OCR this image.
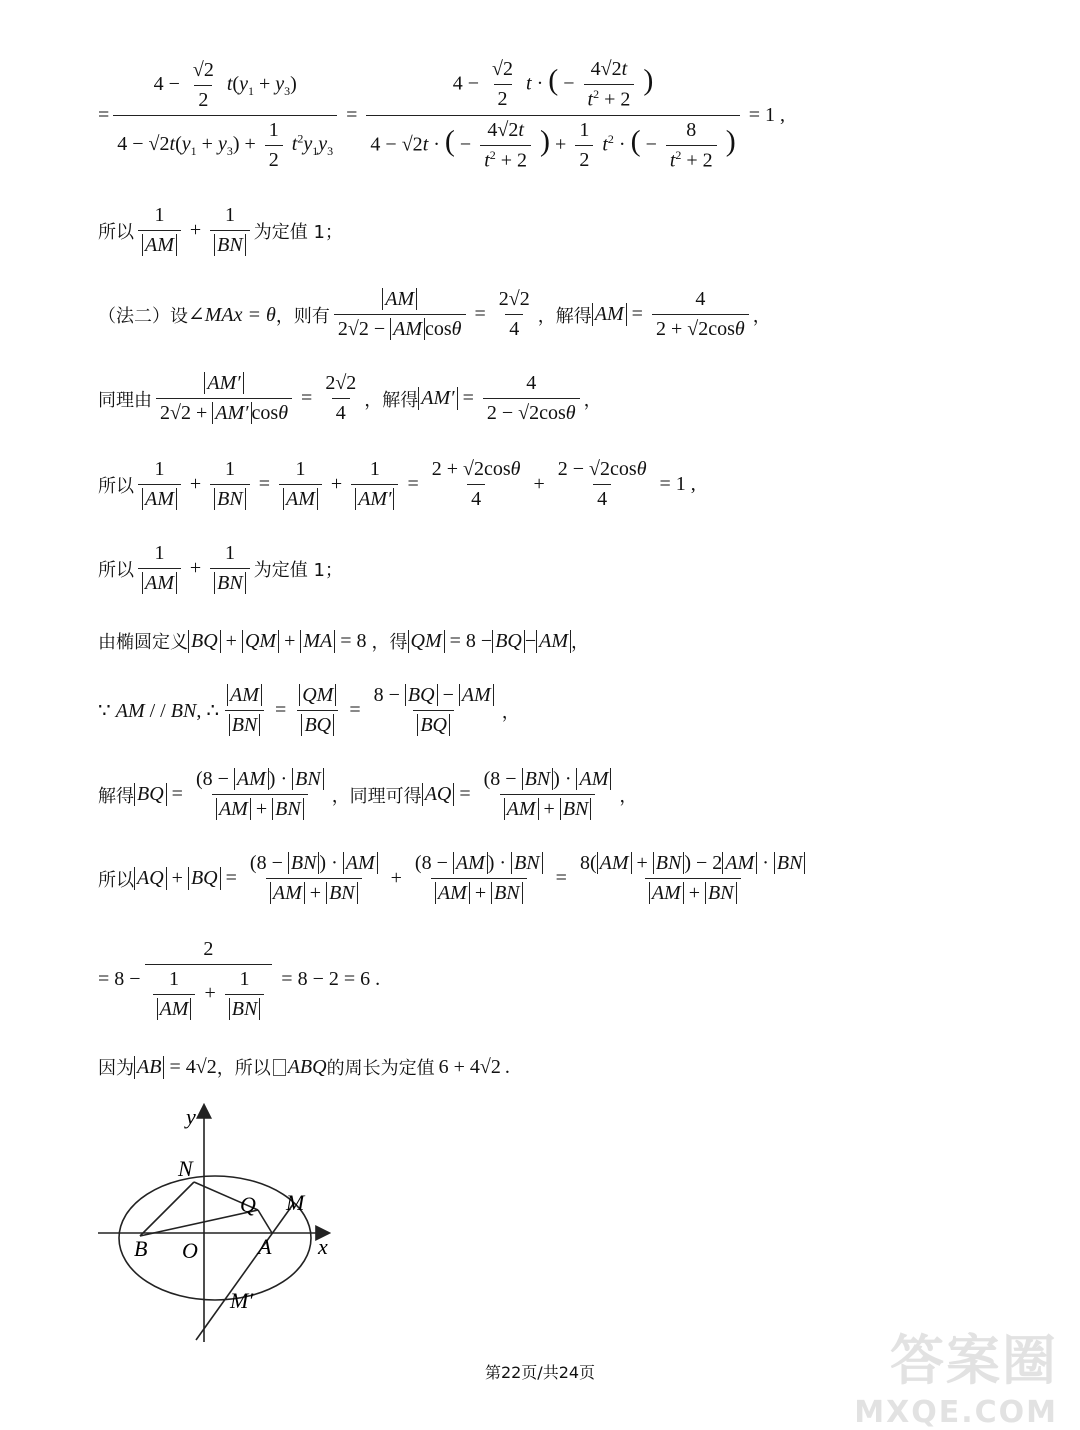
= $\frac{4 - \frac{√2}{2} t(y_1 + y_3)}{4 - √2t(y_1 + y_3) + \frac{1}{2} t^2y_1y_3}$ =
$4 - \frac{√2}{2}$ t · ( − $\frac{4√2t}{t^2 + 2}$ )
4 − √2t · ( − $\frac{4√2t}{t^2 + 2}$ ) + $\frac{1}{2} t^2$ · ( − $\frac{8}{t^2 + 2}$ )
= 1 ,
所以 $\frac{1}{AM} + \frac{1}{BN}$ 为定值 1；
（法二）设 ∠MAx = θ ，则有 $\frac{AM}{\text{2√2 − AM cosθ}} = \frac{2√2}{4}$ ，解得 AM = $\frac{4}{2 + √2\cos\theta}$ ，
同理由 $\frac{AM'}{2√2 + AM' \cos\theta} = \frac{2√2}{4}$ ，解得 $AM' = \frac{4}{2 - √2\cos\theta}$ ，
所以 $\frac{1}{AM} + \frac{1}{BN} = \frac{1}{AM} + \frac{1}{AM'} = \frac{2 + √2\cos\theta}{4} + \frac{2 - √2\cos\theta}{4} = 1$ ,
所以 $\frac{1}{AM} + \frac{1}{BN}$ 为定值 1；
由椭圆定义 BQ + QM + MA = 8 ，得 QM = 8 − BQ − AM ，
∵ AM / / BN, ∴ $\frac{AM}{BN} = \frac{QM}{BQ} = \frac{8 - BQ - AM}{BQ}$ ，
解得 BQ = $\frac{(8 - AM ) \cdot BN}{AM + BN}$ ，同理可得 AQ = $\frac{(8 - BN ) \cdot AM}{AM + BN}$ ，
所以 AQ + BQ = $\frac{(8 - BN ) \cdot AM}{AM + BN} + \frac{(8 - AM ) \cdot BN}{AM + BN} = \frac{8( AM + BN ) - 2 AM \cdot BN}{AM + BN}$
= $8 - \frac{2}{\frac{1}{AM} + \frac{1}{BN}} = 8 - 2 = 6$ .
因为 AB = 4√2 ，所以 ABQ 的周长为定值 6 + 4√2 .
y
x
N
Q M
B O	A
M′
第22页/共24页	答案圈
MXQE.COM
